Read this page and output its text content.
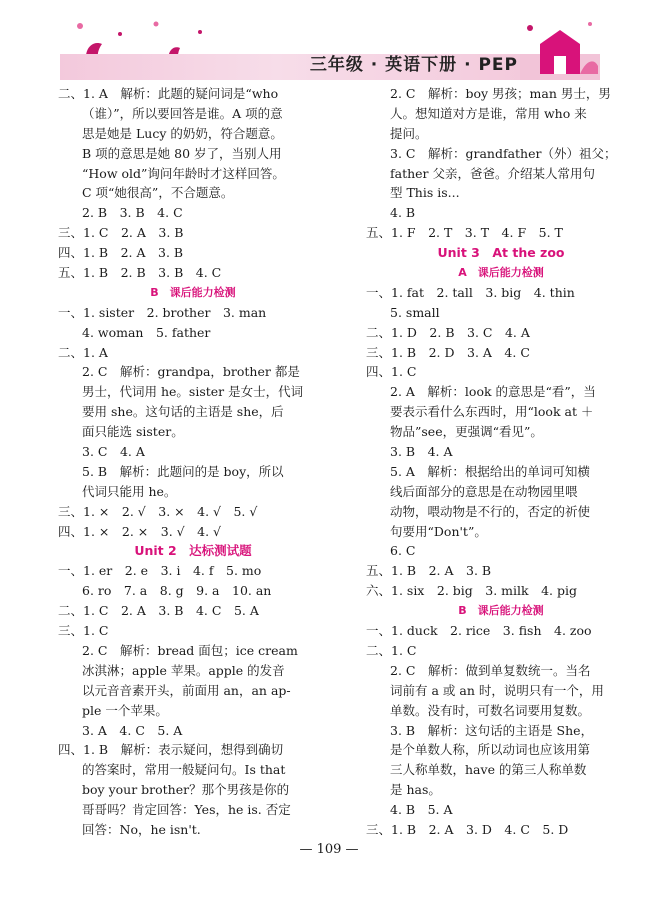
三年级 · 英语下册 · PEP
二、1. A　解析：此题的疑问词是“who
（谁）”，所以要回答是谁。A 项的意
思是她是 Lucy 的奶奶，符合题意。
B 项的意思是她 80 岁了，当别人用
“How old”询问年龄时才这样回答。
C 项“她很高”，不合题意。
2. B　3. B　4. C
三、1. C　2. A　3. B
四、1. B　2. A　3. B
五、1. B　2. B　3. B　4. C
B　课后能力检测
一、1. sister　2. brother　3. man
4. woman　5. father
二、1. A
2. C　解析：grandpa，brother 都是
男士，代词用 he。sister 是女士，代词
要用 she。这句话的主语是 she，后
面只能选 sister。
3. C　4. A
5. B　解析：此题问的是 boy，所以
代词只能用 he。
三、1. ×　2. √　3. ×　4. √　5. √
四、1. ×　2. ×　3. √　4. √
Unit 2　达标测试题
一、1. er　2. e　3. i　4. f　5. mo
6. ro　7. a　8. g　9. a　10. an
二、1. C　2. A　3. B　4. C　5. A
三、1. C
2. C　解析：bread 面包；ice cream
冰淇淋；apple 苹果。apple 的发音
以元音音素开头，前面用 an，an ap-
ple 一个苹果。
3. A　4. C　5. A
四、1. B　解析：表示疑问，想得到确切
的答案时，常用一般疑问句。Is that
boy your brother？那个男孩是你的
哥哥吗？肯定回答：Yes，he is. 否定
回答：No，he isn't.
2. C　解析：boy 男孩；man 男士，男
人。想知道对方是谁，常用 who 来
提问。
3. C　解析：grandfather（外）祖父；
father 父亲，爸爸。介绍某人常用句
型 This is...
4. B
五、1. F　2. T　3. T　4. F　5. T
Unit 3　At the zoo
A　课后能力检测
一、1. fat　2. tall　3. big　4. thin
5. small
二、1. D　2. B　3. C　4. A
三、1. B　2. D　3. A　4. C
四、1. C
2. A　解析：look 的意思是“看”，当
要表示看什么东西时，用“look at ＋
物品”see，更强调“看见”。
3. B　4. A
5. A　解析：根据给出的单词可知横
线后面部分的意思是在动物园里喂
动物，喂动物是不行的，否定的祈使
句要用“Don't”。
6. C
五、1. B　2. A　3. B
六、1. six　2. big　3. milk　4. pig
B　课后能力检测
一、1. duck　2. rice　3. fish　4. zoo
二、1. C
2. C　解析：做到单复数统一。当名
词前有 a 或 an 时，说明只有一个，用
单数。没有时，可数名词要用复数。
3. B　解析：这句话的主语是 She，
是个单数人称，所以动词也应该用第
三人称单数，have 的第三人称单数
是 has。
4. B　5. A
三、1. B　2. A　3. D　4. C　5. D
— 109 —
